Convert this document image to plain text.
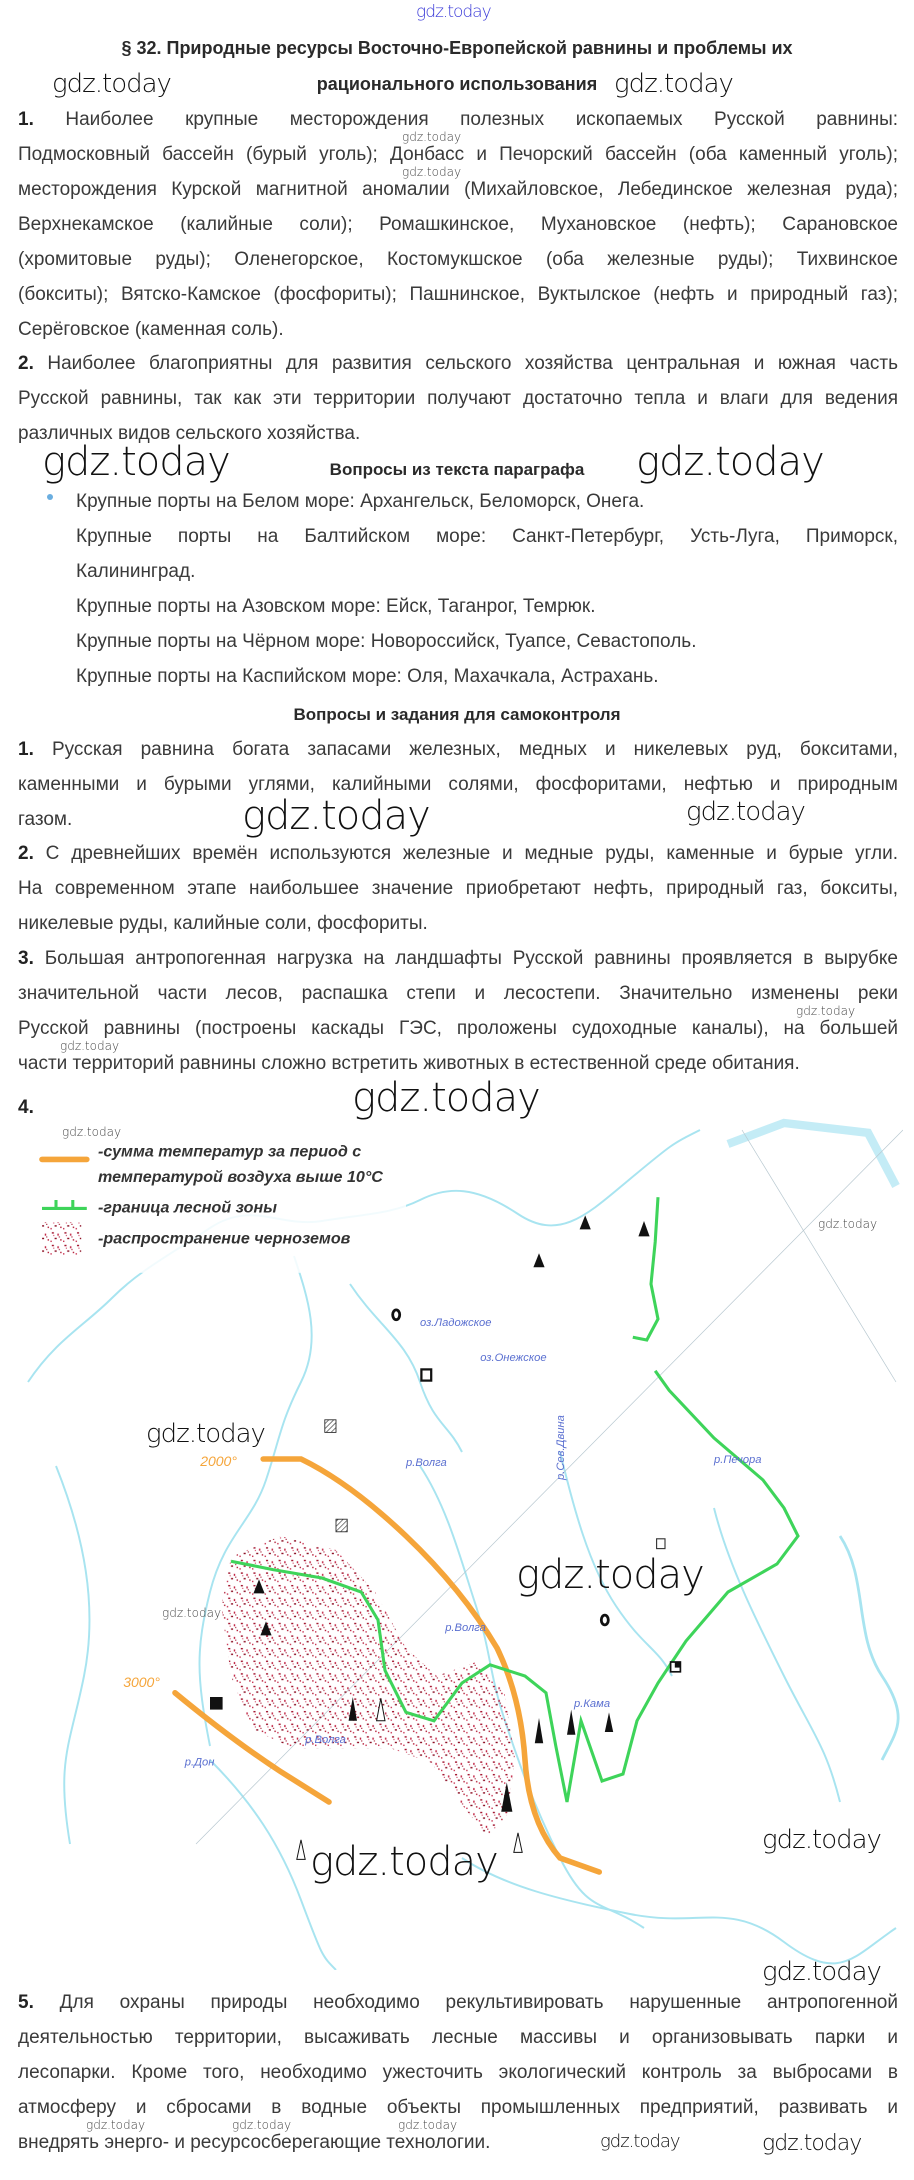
gdz.today
gdz.today	gdz.today
gdz.today
gdz.today
gdz.today	gdz.today
gdz.today	gdz.today
gdz.today
gdz.today
gdz.today
§ 32. Природные ресурсы Восточно-Европейской равнины и проблемы их
рационального использования
1. Наиболее крупные месторождения полезных ископаемых Русской равнины:
Подмосковный бассейн (бурый уголь); Донбасс и Печорский бассейн (оба каменный уголь);
месторождения Курской магнитной аномалии (Михайловское, Лебединское железная руда);
Верхнекамское (калийные соли); Ромашкинское, Мухановское (нефть); Сарановское
(хромитовые руды); Оленегорское, Костомукшское (оба железные руды); Тихвинское
(бокситы); Вятско-Камское (фосфориты); Пашнинское, Вуктылское (нефть и природный газ);
Серёговское (каменная соль).
2. Наиболее благоприятны для развития сельского хозяйства центральная и южная часть
Русской равнины, так как эти территории получают достаточно тепла и влаги для ведения
различных видов сельского хозяйства.
Вопросы из текста параграфа
Крупные порты на Белом море: Архангельск, Беломорск, Онега.
Крупные порты на Балтийском море: Санкт-Петербург, Усть-Луга, Приморск,
Калининград.
Крупные порты на Азовском море: Ейск, Таганрог, Темрюк.
Крупные порты на Чёрном море: Новороссийск, Туапсе, Севастополь.
Крупные порты на Каспийском море: Оля, Махачкала, Астрахань.
Вопросы и задания для самоконтроля
1. Русская равнина богата запасами железных, медных и никелевых руд, бокситами,
каменными и бурыми углями, калийными солями, фосфоритами, нефтью и природным
газом.
2. С древнейших времён используются железные и медные руды, каменные и бурые угли.
На современном этапе наибольшее значение приобретают нефть, природный газ, бокситы,
никелевые руды, калийные соли, фосфориты.
3. Большая антропогенная нагрузка на ландшафты Русской равнины проявляется в вырубке
значительной части лесов, распашка степи и лесостепи. Значительно изменены реки
Русской равнины (построены каскады ГЭС, проложены судоходные каналы), на большей
части территорий равнины сложно встретить животных в естественной среде обитания.
4.
2000°
3000°
оз.Ладожское
оз.Онежское
р.Волга	р.Сев.Двина	р.Печора
р.Волга
р.Кама
р.Дон
р.Волга
-сумма температур за период с
температурой воздуха выше 10°С
-граница лесной зоны
-распространение черноземов
gdz.today
gdz.today
gdz.today
gdz.today
gdz.today
gdz.today	gdz.today
gdz.today
5. Для охраны природы необходимо рекультивировать нарушенные антропогенной
деятельностью территории, высаживать лесные массивы и организовывать парки и
лесопарки. Кроме того, необходимо ужесточить экологический контроль за выбросами в
атмосферу и сбросами в водные объекты промышленных предприятий, развивать и
внедрять энерго- и ресурсосберегающие технологии.
gdz.today	gdz.today	gdz.today
gdz.today	gdz.today
